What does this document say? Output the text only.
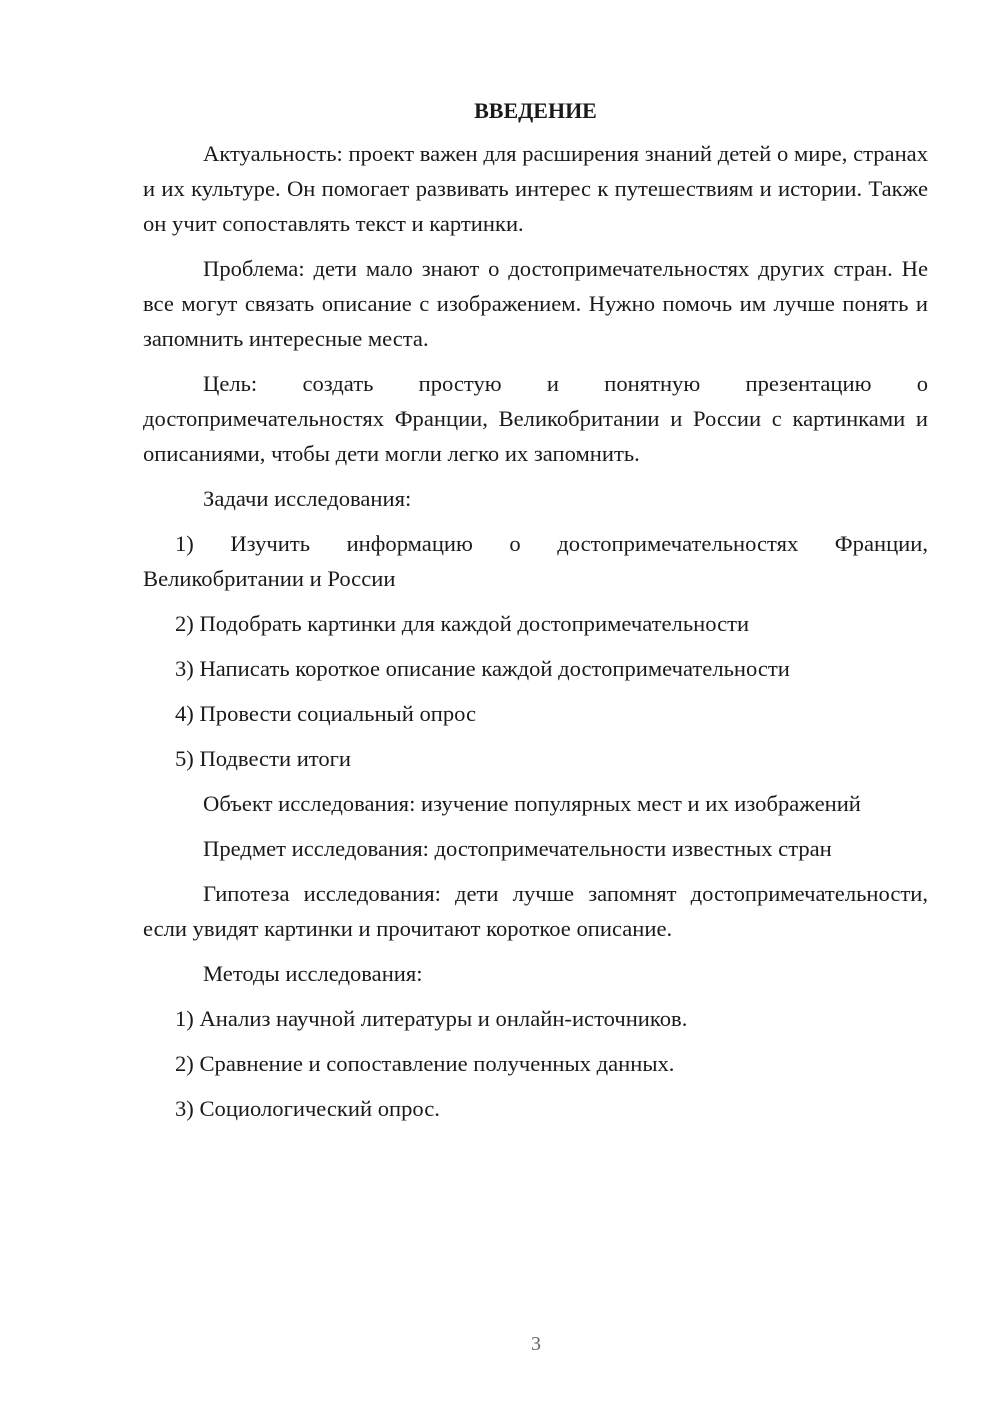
ВВЕДЕНИЕ

Актуальность: проект важен для расширения знаний детей о мире, странах и их культуре. Он помогает развивать интерес к путешествиям и истории. Также он учит сопоставлять текст и картинки.

Проблема: дети мало знают о достопримечательностях других стран. Не все могут связать описание с изображением. Нужно помочь им лучше понять и запомнить интересные места.

Цель: создать простую и понятную презентацию о достопримечательностях Франции, Великобритании и России с картинками и описаниями, чтобы дети могли легко их запомнить.

Задачи исследования:

1) Изучить информацию о достопримечательностях Франции, Великобритании и России

2) Подобрать картинки для каждой достопримечательности

3) Написать короткое описание каждой достопримечательности

4) Провести социальный опрос

5) Подвести итоги

Объект исследования: изучение популярных мест и их изображений

Предмет исследования: достопримечательности известных стран

Гипотеза исследования: дети лучше запомнят достопримечательности, если увидят картинки и прочитают короткое описание.

Методы исследования:

1) Анализ научной литературы и онлайн-источников.

2) Сравнение и сопоставление полученных данных.

3) Социологический опрос.

3
